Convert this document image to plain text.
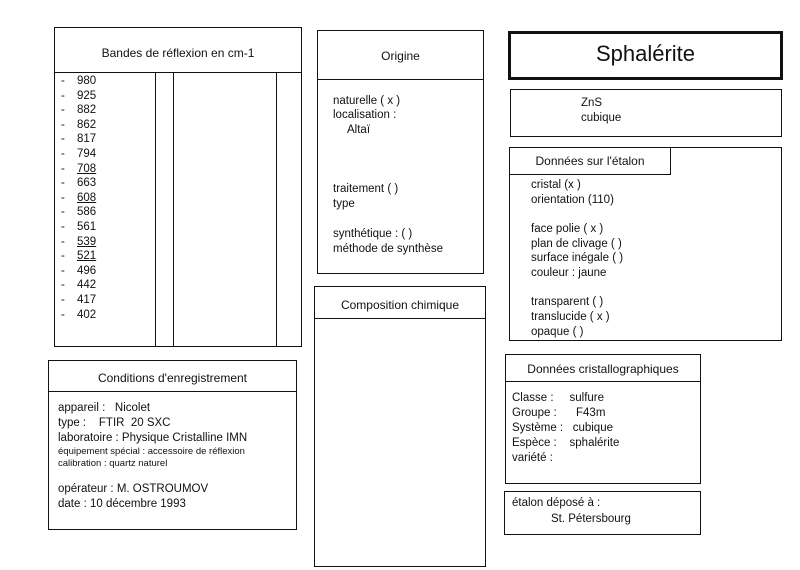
Bandes de réflexion en cm-1
- 980
- 925
- 882
- 862
- 817
- 794
- 708
- 663
- 608
- 586
- 561
- 539
- 521
- 496
- 442
- 417
- 402
Origine
naturelle ( x )
localisation :
Altaï
traitement ( )
type
synthétique : ( )
méthode de synthèse
Composition chimique
Sphalérite
ZnS
cubique
Données sur l'étalon
cristal (x )
orientation (110)
face polie ( x )
plan de clivage ( )
surface inégale ( )
couleur : jaune
transparent ( )
translucide ( x )
opaque ( )
Données cristallographiques
Classe :     sulfure
Groupe : F43m
Système :   cubique
Espèce :    sphalérite
variété :
étalon déposé à :
St. Pétersbourg
Conditions d'enregistrement
appareil :   Nicolet
type :    FTIR  20 SXC
laboratoire : Physique Cristalline IMN
équipement spécial : accessoire de réflexion
calibration : quartz naturel
opérateur : M. OSTROUMOV
date : 10 décembre 1993
